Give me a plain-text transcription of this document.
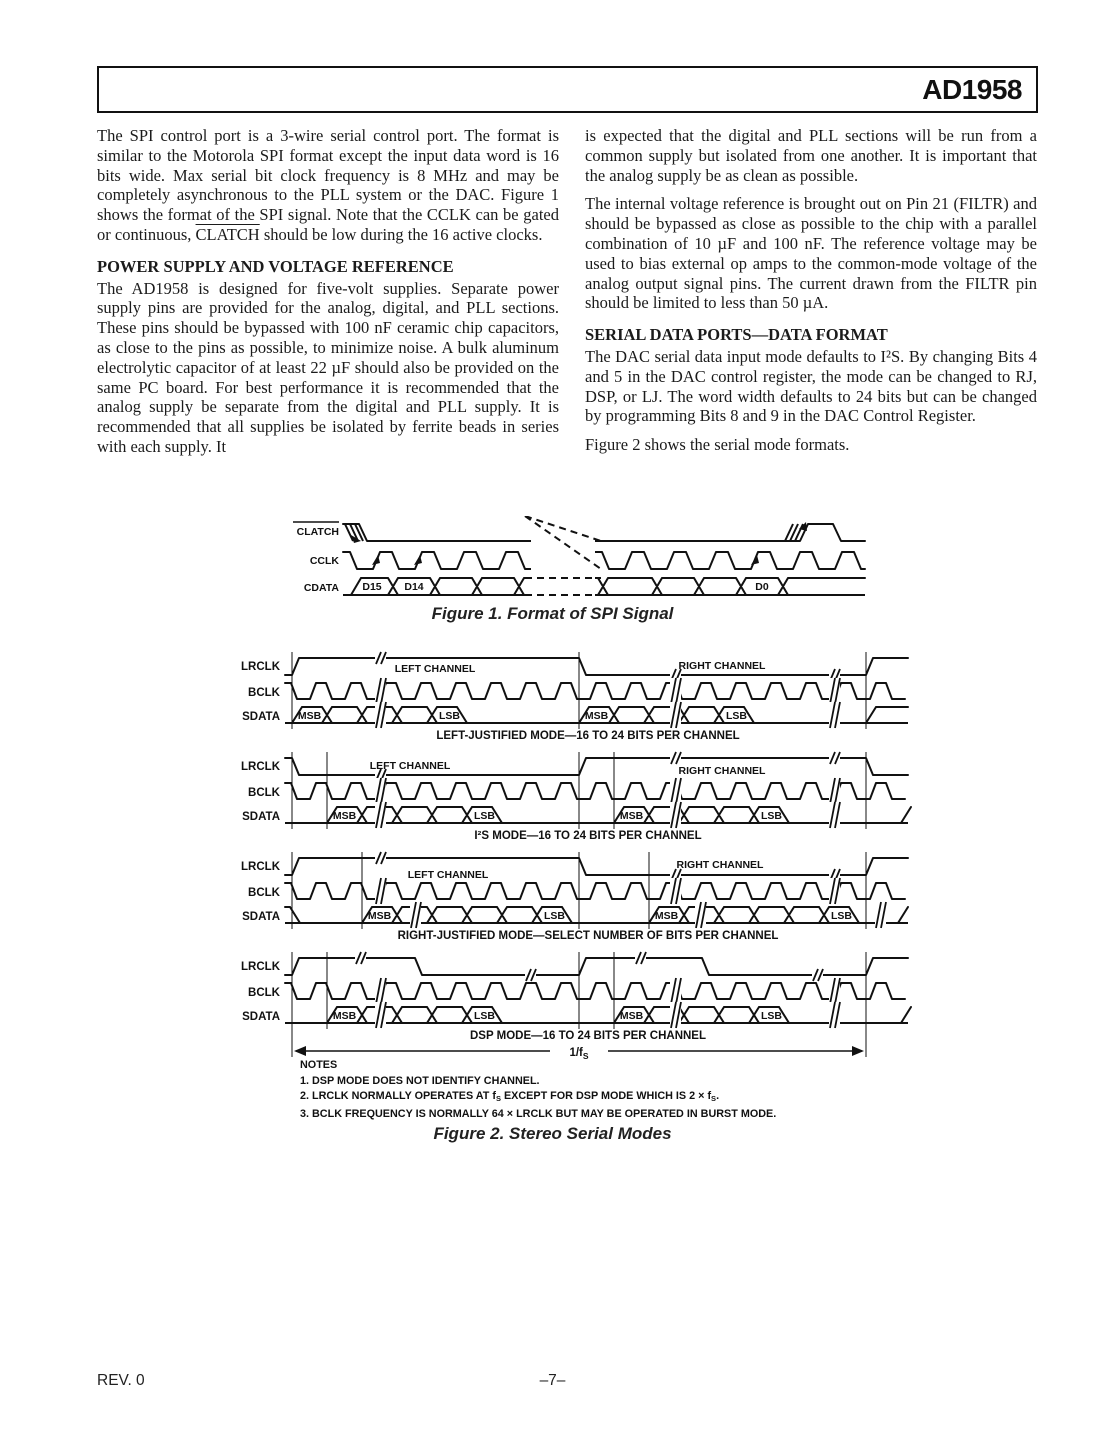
AD1958

The SPI control port is a 3-wire serial control port. The format is similar to the Motorola SPI format except the input data word is 16 bits wide. Max serial bit clock frequency is 8 MHz and may be completely asynchronous to the PLL system or the DAC. Figure 1 shows the format of the SPI signal. Note that the CCLK can be gated or continuous, CLATCH should be low during the 16 active clocks.

POWER SUPPLY AND VOLTAGE REFERENCE

The AD1958 is designed for five-volt supplies. Separate power supply pins are provided for the analog, digital, and PLL sections. These pins should be bypassed with 100 nF ceramic chip capacitors, as close to the pins as possible, to minimize noise. A bulk aluminum electrolytic capacitor of at least 22 µF should also be provided on the same PC board. For best performance it is recommended that the analog supply be separate from the digital and PLL supply. It is recommended that all supplies be isolated by ferrite beads in series with each supply. It

is expected that the digital and PLL sections will be run from a common supply but isolated from one another. It is important that the analog supply be as clean as possible.

The internal voltage reference is brought out on Pin 21 (FILTR) and should be bypassed as close as possible to the chip with a parallel combination of 10 µF and 100 nF. The reference voltage may be used to bias external op amps to the common-mode voltage of the analog output signal pins. The current drawn from the FILTR pin should be limited to less than 50 µA.

SERIAL DATA PORTS—DATA FORMAT

The DAC serial data input mode defaults to I²S. By changing Bits 4 and 5 in the DAC control register, the mode can be changed to RJ, DSP, or LJ. The word width defaults to 24 bits but can be changed by programming Bits 8 and 9 in the DAC Control Register.

Figure 2 shows the serial mode formats.

CLATCH
CCLK
CDATA D15 D14	D0
Figure 1. Format of SPI Signal
MSB	LSB	MSB	LSB
MSB	LSB	MSB	LSB
MSB	LSB	MSB	LSB
MSB	LSB	MSB	LSB
LRCLK
BCLK
SDATA
LRCLK
BCLK
SDATA
LRCLK
BCLK
SDATA
LRCLK
BCLK
SDATA
LEFT CHANNEL	RIGHT CHANNEL
LEFT CHANNEL	RIGHT CHANNEL
LEFT CHANNEL
RIGHT CHANNEL
LEFT-JUSTIFIED MODE—16 TO 24 BITS PER CHANNEL
I²S MODE—16 TO 24 BITS PER CHANNEL
RIGHT-JUSTIFIED MODE—SELECT NUMBER OF BITS PER CHANNEL
DSP MODE—16 TO 24 BITS PER CHANNEL
$1/f_S$
NOTES
1. DSP MODE DOES NOT IDENTIFY CHANNEL.
2. LRCLK NORMALLY OPERATES AT $f_S$ EXCEPT FOR DSP MODE WHICH IS $2 \times f_S$.
3. BCLK FREQUENCY IS NORMALLY 64 × LRCLK BUT MAY BE OPERATED IN BURST MODE.
Figure 2. Stereo Serial Modes
REV. 0	–7–
